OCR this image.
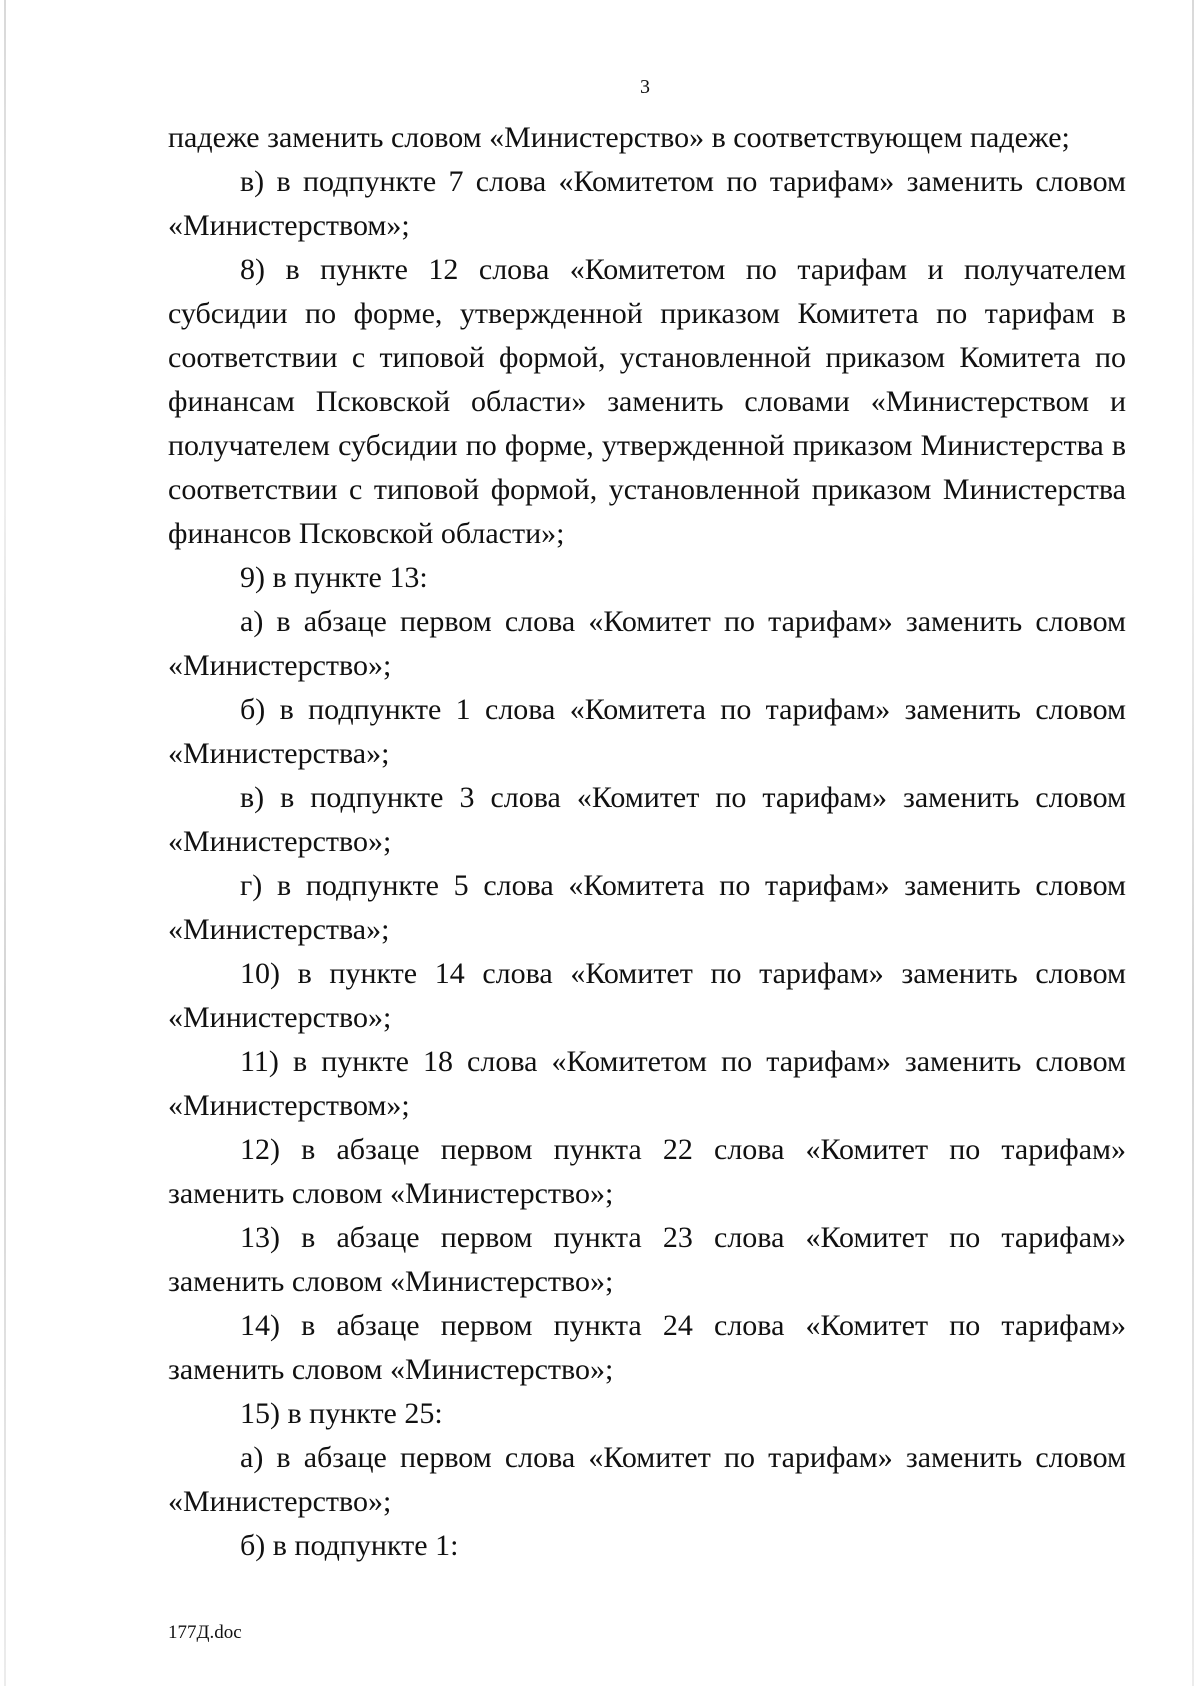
3

падеже заменить словом «Министерство» в соответствующем падеже;

в) в подпункте 7 слова «Комитетом по тарифам» заменить словом «Министерством»;

8) в пункте 12 слова «Комитетом по тарифам и получателем субсидии по форме, утвержденной приказом Комитета по тарифам в соответствии с типовой формой, установленной приказом Комитета по финансам Псковской области» заменить словами «Министерством и получателем субсидии по форме, утвержденной приказом Министерства в соответствии с типовой формой, установленной приказом Министерства финансов Псковской области»;

9) в пункте 13:

а) в абзаце первом слова «Комитет по тарифам» заменить словом «Министерство»;

б) в подпункте 1 слова «Комитета по тарифам» заменить словом «Министерства»;

в) в подпункте 3 слова «Комитет по тарифам» заменить словом «Министерство»;

г) в подпункте 5 слова «Комитета по тарифам» заменить словом «Министерства»;

10) в пункте 14 слова «Комитет по тарифам» заменить словом «Министерство»;

11) в пункте 18 слова «Комитетом по тарифам» заменить словом «Министерством»;

12) в абзаце первом пункта 22 слова «Комитет по тарифам» заменить словом «Министерство»;

13) в абзаце первом пункта 23 слова «Комитет по тарифам» заменить словом «Министерство»;

14) в абзаце первом пункта 24 слова «Комитет по тарифам» заменить словом «Министерство»;

15) в пункте 25:

а) в абзаце первом слова «Комитет по тарифам» заменить словом «Министерство»;

б) в подпункте 1:

177Д.doc
